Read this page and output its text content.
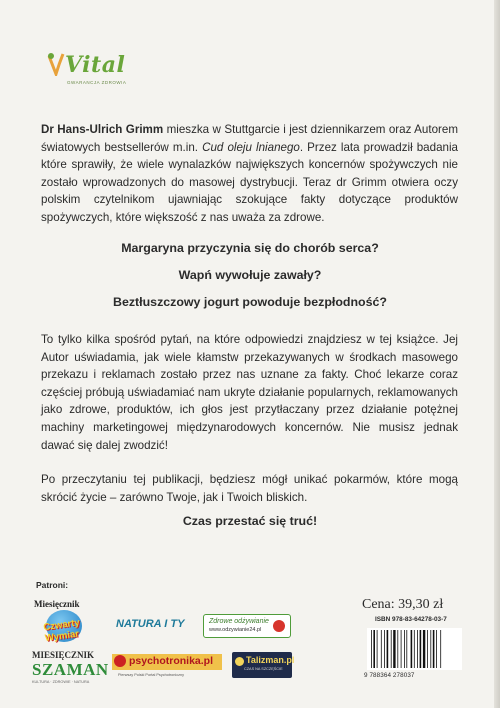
Vital
GWARANCJA ZDROWIA
Dr Hans-Ulrich Grimm mieszka w Stuttgarcie i jest dziennikarzem oraz Autorem światowych bestsellerów m.in. Cud oleju lnianego. Przez lata prowadził badania które sprawiły, że wiele wynalazków największych koncernów spożywczych nie zostało wprowadzonych do masowej dystrybucji. Teraz dr Grimm otwiera oczy polskim czytelnikom ujawniając szokujące fakty dotyczące produktów spożywczych, które większość z nas uważa za zdrowe.
Margaryna przyczynia się do chorób serca?
Wapń wywołuje zawały?
Beztłuszczowy jogurt powoduje bezpłodność?
To tylko kilka spośród pytań, na które odpowiedzi znajdziesz w tej książce. Jej Autor uświadamia, jak wiele kłamstw przekazywanych w środkach masowego przekazu i reklamach zostało przez nas uznane za fakty. Choć lekarze coraz częściej próbują uświadamiać nam ukryte działanie popularnych, reklamowanych jako zdrowe, produktów, ich głos jest przytłaczany przez działanie potężnej machiny marketingowej międzynarodowych koncernów. Nie musisz jednak dawać się dalej zwodzić!
Po przeczytaniu tej publikacji, będziesz mógł unikać pokarmów, które mogą skrócić życie – zarówno Twoje, jak i Twoich bliskich.
Czas przestać się truć!
Patroni:
Miesięcznik
Czwarty Wymiar
NATURA I TY	Zdrowe odżywianie
www.odzywianie24.pl
Cena: 39,30 zł
ISBN 978-83-64278-03-7
9 788364 278037
MIESIĘCZNIK
SZAMAN
KULTURA · ZDROWIE · NATURA
psychotronika.pl
Pierwszy Polski Portal Psychotroniczny
Talizman.pl
CZAS NA SZCZĘŚCIE
